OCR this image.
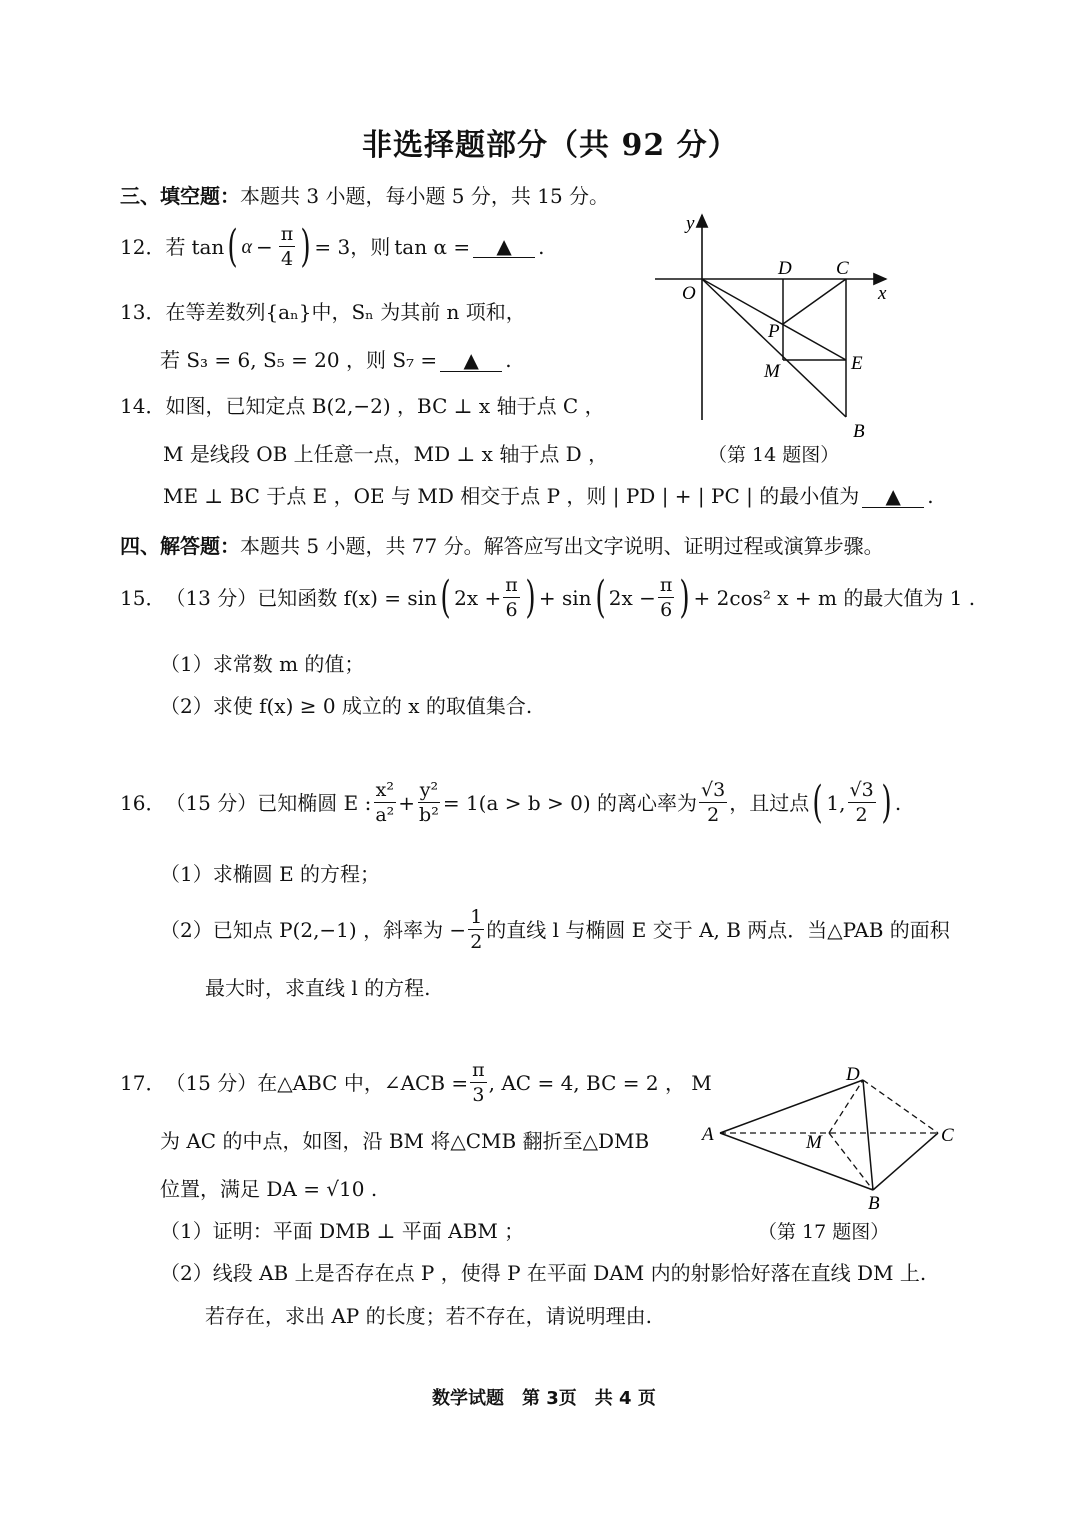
非选择题部分（共 92 分）
三、填空题：本题共 3 小题，每小题 5 分，共 15 分。
12． 若 tan ( $\alpha - \frac{\pi}{4}$ ) = 3，则 tan α =	▲	.
13．在等差数列{aₙ}中，Sₙ 为其前 n 项和，
若 S₃ = 6, S₅ = 20 ，则 S₇ = ▲ .
14．如图，已知定点 B(2,−2) ，BC ⊥ x 轴于点 C ，
M 是线段 OB 上任意一点，MD ⊥ x 轴于点 D ，
ME ⊥ BC 于点 E ，OE 与 MD 相交于点 P ，则 | PD | + | PC | 的最小值为 ▲ .
y
x
O
D C
P
M	E
B
（第 14 题图）
四、解答题：本题共 5 小题，共 77 分。解答应写出文字说明、证明过程或演算步骤。
15． （13 分） 已知函数 f(x) = sin ( $2x + \frac{\pi}{6}$ ) + sin ( $2x - \frac{\pi}{6}$ ) + 2cos² x + m 的最大值为 1 .
（1）求常数 m 的值；
（2）求使 f(x) ≥ 0 成立的 x 的取值集合.
16． （15 分） 已知椭圆 E : $\frac{\text{x²}}{\text{a²}} + \frac{\text{y²}}{\text{b²}} = 1(a > b > 0)$ 的离心率为 $\frac{√3}{2}$ ，且过点 ( 1, $\frac{√3}{2}$ ) .
（1）求椭圆 E 的方程；
（2）已知点 P(2,−1) ，斜率为 − $\frac{1}{2}$ 的直线 l 与椭圆 E 交于 A, B 两点．当△PAB 的面积
最大时，求直线 l 的方程.
17． （15 分） 在△ABC 中，∠ACB = $\frac{\pi}{3}$ , AC = 4, BC = 2 ， M
为 AC 的中点，如图，沿 BM 将△CMB 翻折至△DMB
位置，满足 DA = √10 .
（1）证明：平面 DMB ⊥ 平面 ABM ；
（2）线段 AB 上是否存在点 P ，使得 P 在平面 DAM 内的射影恰好落在直线 DM 上.
若存在，求出 AP 的长度；若不存在，请说明理由.
A
D
M	C
B
（第 17 题图）
数学试题　第 3页　共 4 页
